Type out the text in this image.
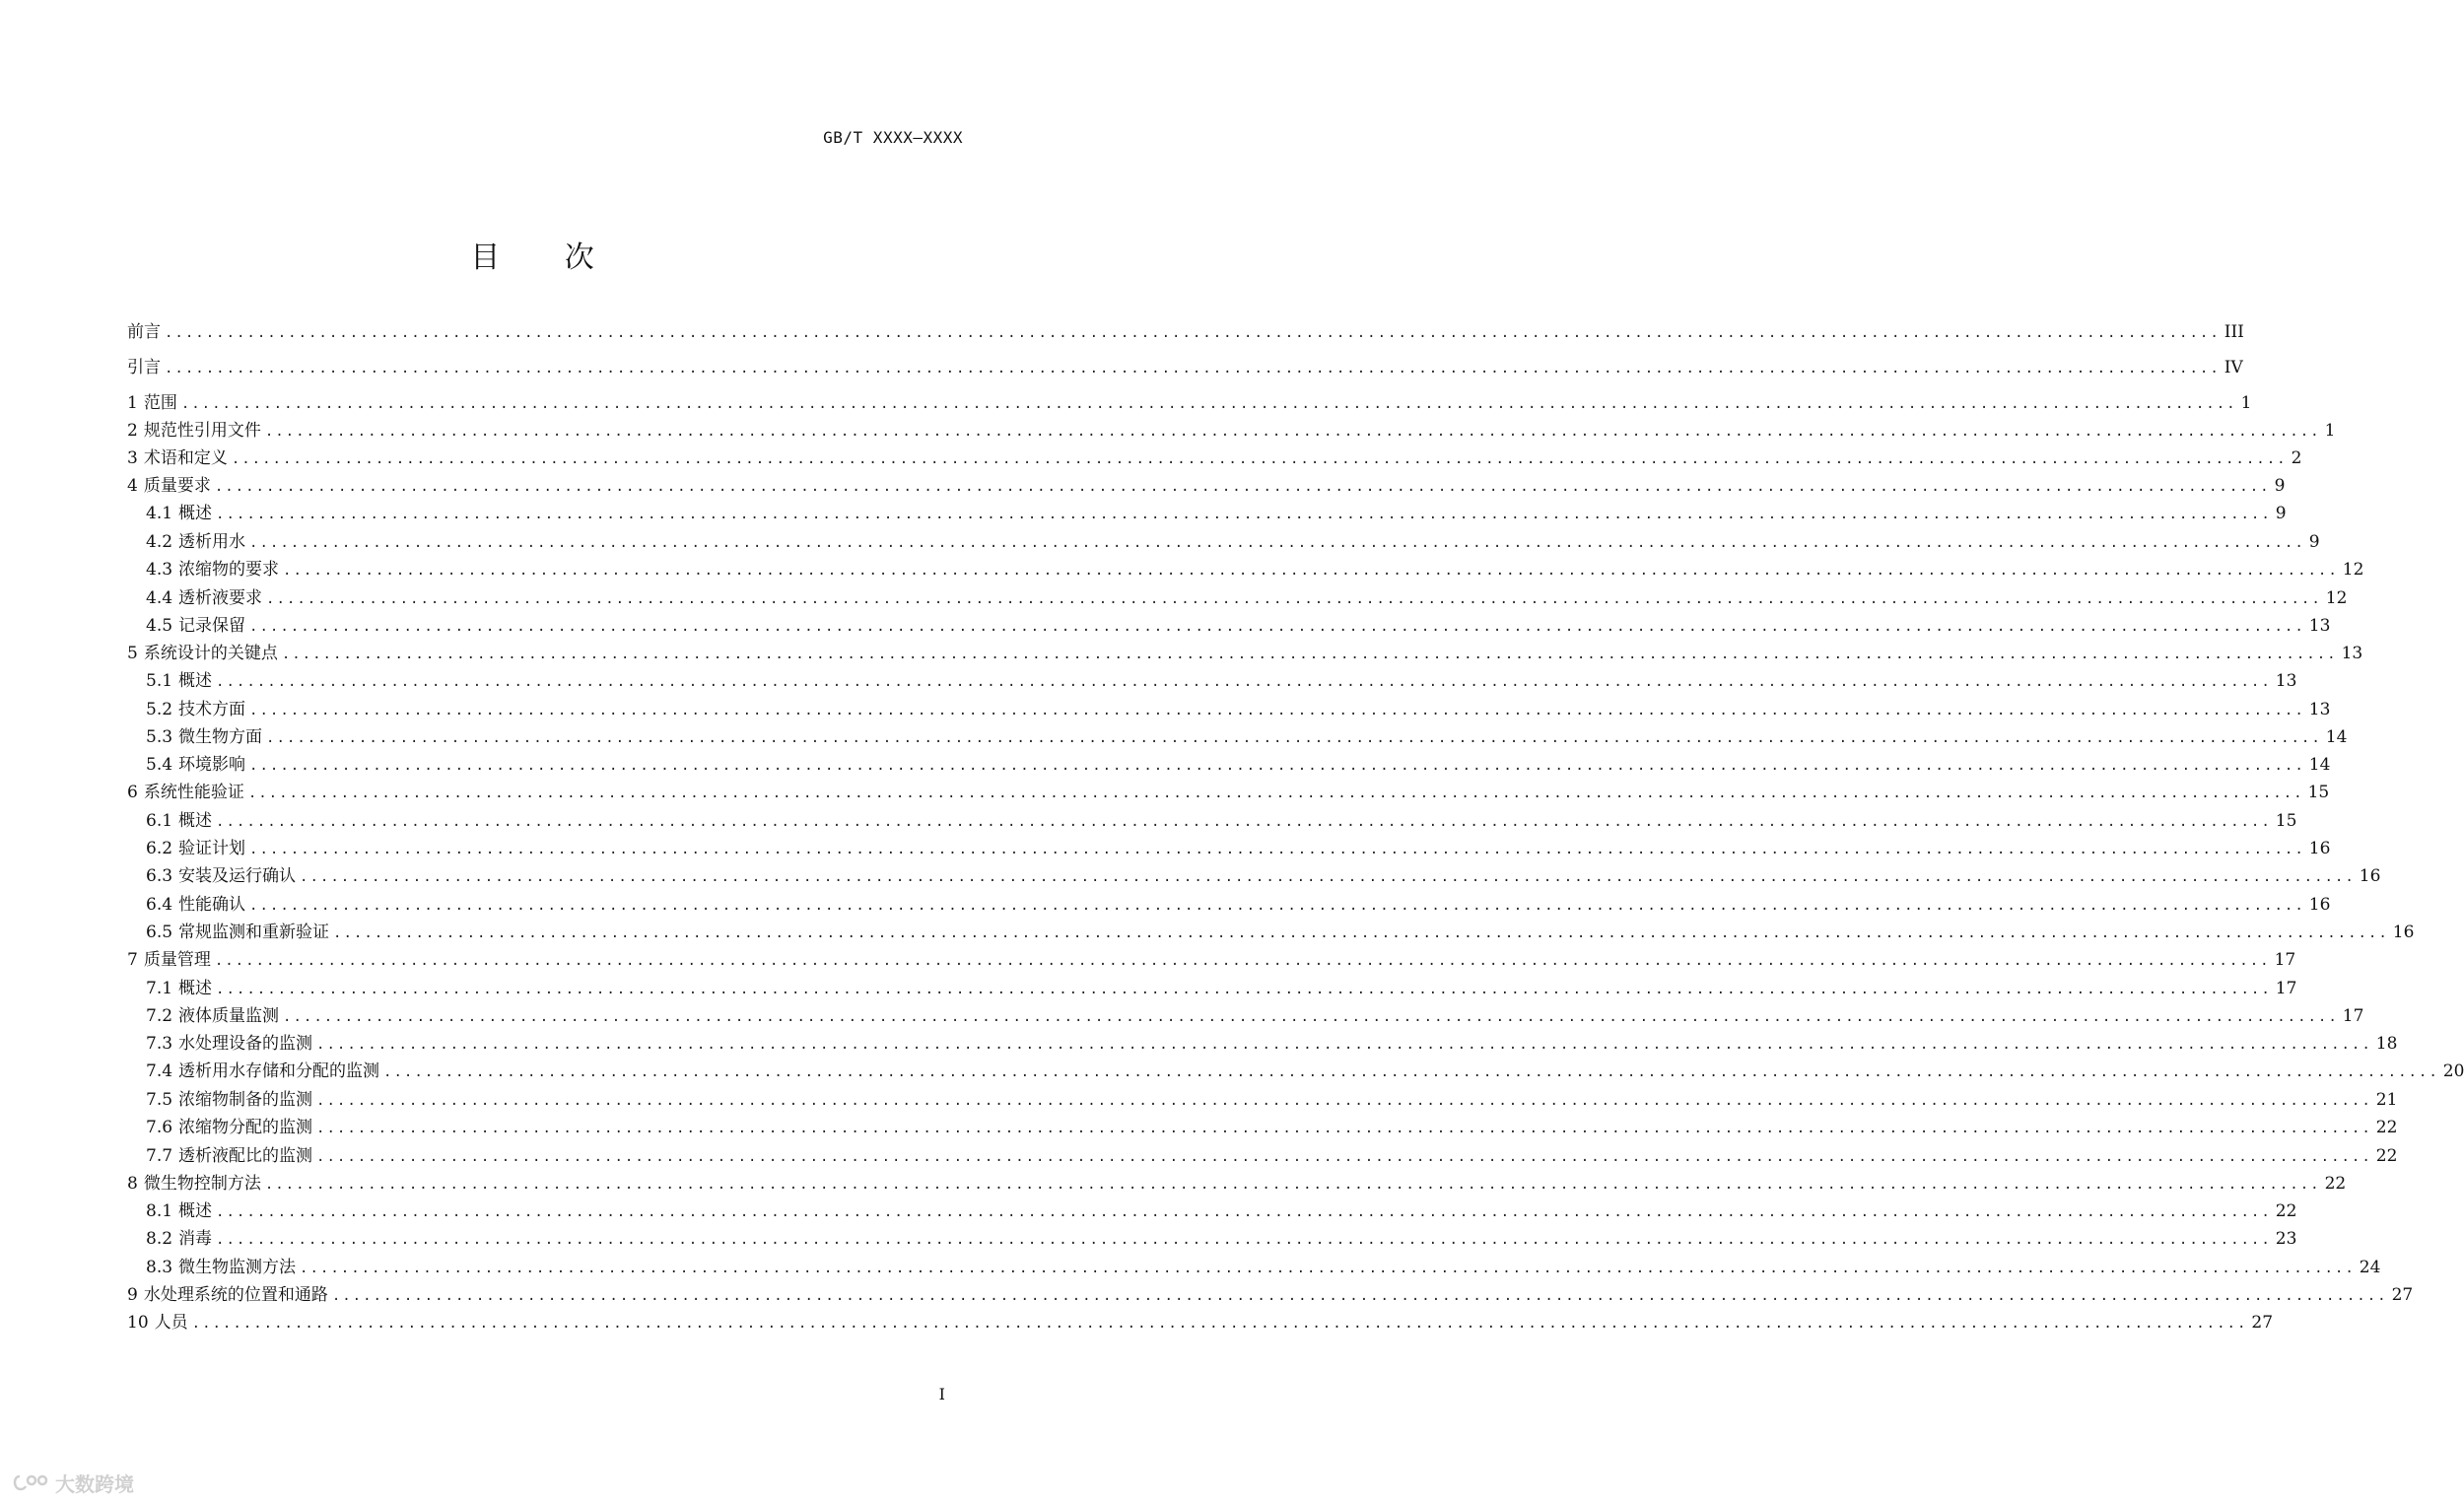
GB/T XXXX—XXXX
目 次
前言 ........................................................................................................................................................................................................ III
引言 ........................................................................................................................................................................................................ IV
1 范围 ........................................................................................................................................................................................................ 1
2 规范性引用文件 ........................................................................................................................................................................................................ 1
3 术语和定义 ........................................................................................................................................................................................................ 2
4 质量要求 ........................................................................................................................................................................................................ 9
4.1 概述 ........................................................................................................................................................................................................ 9
4.2 透析用水 ........................................................................................................................................................................................................ 9
4.3 浓缩物的要求 ........................................................................................................................................................................................................ 12
4.4 透析液要求 ........................................................................................................................................................................................................ 12
4.5 记录保留 ........................................................................................................................................................................................................ 13
5 系统设计的关键点 ........................................................................................................................................................................................................ 13
5.1 概述 ........................................................................................................................................................................................................ 13
5.2 技术方面 ........................................................................................................................................................................................................ 13
5.3 微生物方面 ........................................................................................................................................................................................................ 14
5.4 环境影响 ........................................................................................................................................................................................................ 14
6 系统性能验证 ........................................................................................................................................................................................................ 15
6.1 概述 ........................................................................................................................................................................................................ 15
6.2 验证计划 ........................................................................................................................................................................................................ 16
6.3 安装及运行确认 ........................................................................................................................................................................................................ 16
6.4 性能确认 ........................................................................................................................................................................................................ 16
6.5 常规监测和重新验证 ........................................................................................................................................................................................................ 16
7 质量管理 ........................................................................................................................................................................................................ 17
7.1 概述 ........................................................................................................................................................................................................ 17
7.2 液体质量监测 ........................................................................................................................................................................................................ 17
7.3 水处理设备的监测 ........................................................................................................................................................................................................ 18
7.4 透析用水存储和分配的监测 ........................................................................................................................................................................................................ 20
7.5 浓缩物制备的监测 ........................................................................................................................................................................................................ 21
7.6 浓缩物分配的监测 ........................................................................................................................................................................................................ 22
7.7 透析液配比的监测 ........................................................................................................................................................................................................ 22
8 微生物控制方法 ........................................................................................................................................................................................................ 22
8.1 概述 ........................................................................................................................................................................................................ 22
8.2 消毒 ........................................................................................................................................................................................................ 23
8.3 微生物监测方法 ........................................................................................................................................................................................................ 24
9 水处理系统的位置和通路 ........................................................................................................................................................................................................ 27
10 人员 ........................................................................................................................................................................................................ 27
I
大数跨境
